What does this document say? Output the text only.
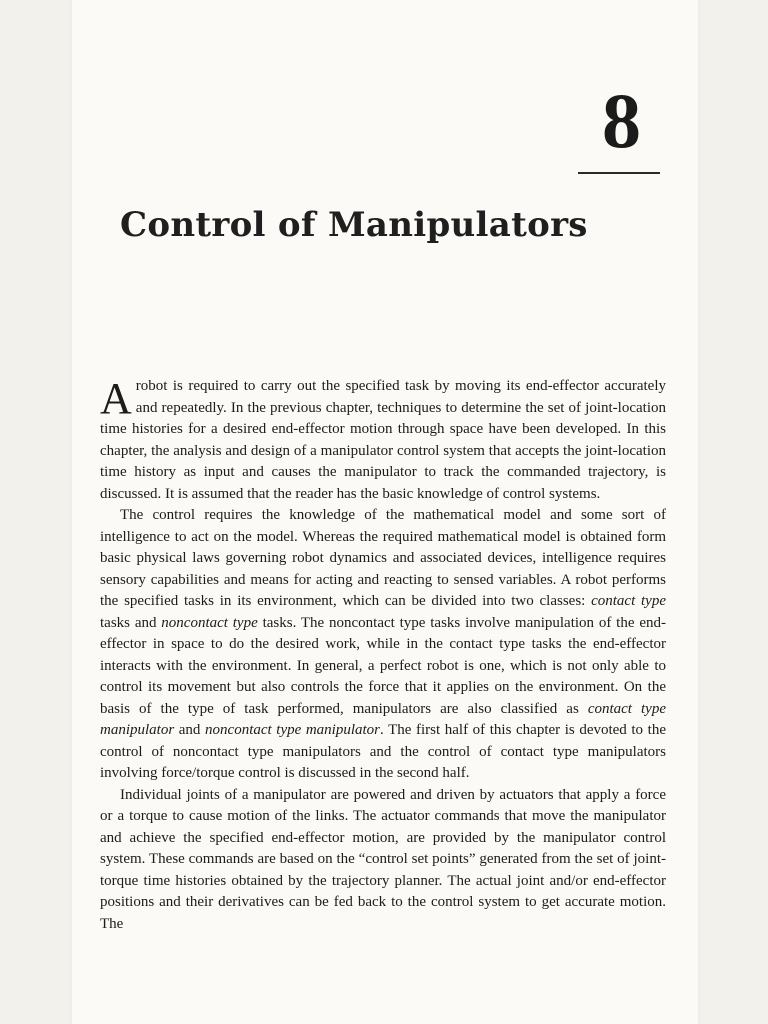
8
Control of Manipulators

A robot is required to carry out the specified task by moving its end-effector accurately and repeatedly. In the previous chapter, techniques to determine the set of joint-location time histories for a desired end-effector motion through space have been developed. In this chapter, the analysis and design of a manipulator control system that accepts the joint-location time history as input and causes the manipulator to track the commanded trajectory, is discussed. It is assumed that the reader has the basic knowledge of control systems.

The control requires the knowledge of the mathematical model and some sort of intelligence to act on the model. Whereas the required mathematical model is obtained form basic physical laws governing robot dynamics and associated devices, intelligence requires sensory capabilities and means for acting and reacting to sensed variables. A robot performs the specified tasks in its environment, which can be divided into two classes: contact type tasks and noncontact type tasks. The noncontact type tasks involve manipulation of the end-effector in space to do the desired work, while in the contact type tasks the end-effector interacts with the environment. In general, a perfect robot is one, which is not only able to control its movement but also controls the force that it applies on the environment. On the basis of the type of task performed, manipulators are also classified as contact type manipulator and noncontact type manipulator. The first half of this chapter is devoted to the control of noncontact type manipulators and the control of contact type manipulators involving force/torque control is discussed in the second half.

Individual joints of a manipulator are powered and driven by actuators that apply a force or a torque to cause motion of the links. The actuator commands that move the manipulator and achieve the specified end-effector motion, are provided by the manipulator control system. These commands are based on the “control set points” generated from the set of joint-torque time histories obtained by the trajectory planner. The actual joint and/or end-effector positions and their derivatives can be fed back to the control system to get accurate motion. The
